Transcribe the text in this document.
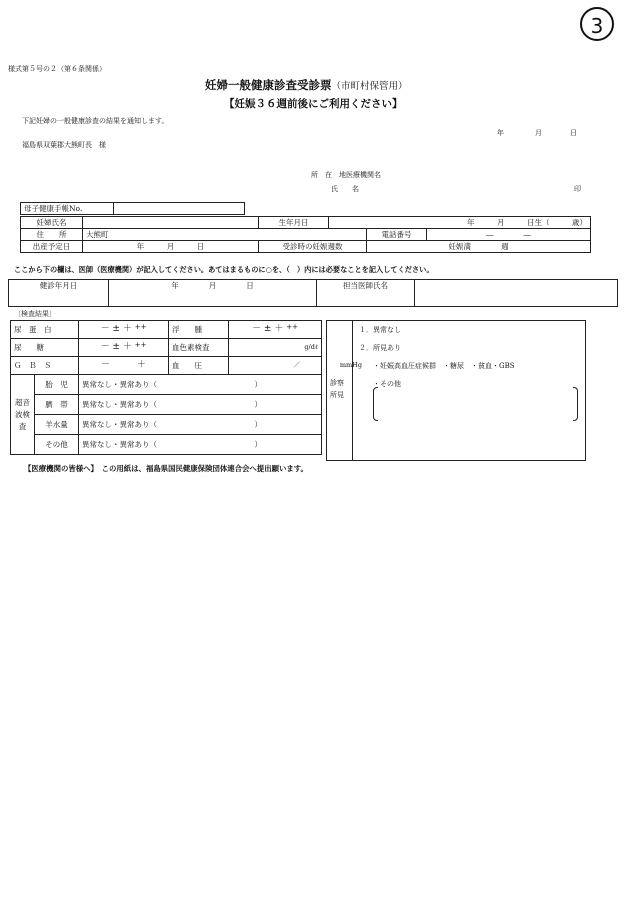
3
様式第５号の２（第６条関係）
妊婦一般健康診査受診票（市町村保管用）
【妊娠３６週前後にご利用ください】
下記妊婦の一般健康診査の結果を通知します。
年	月	日
福島県双葉郡大熊町長　様
所　在　地医療機関名
氏　　名	印
母子健康手帳No.	
妊婦氏名		生年月日	年　　　月　　　日生（　　　歳）		
住　　所	大熊町			電話番号	―　　　　―
出産予定日	年　　　月　　　日	受診時の妊娠週数		妊娠満　　　　週	
ここから下の欄は、医師（医療機関）が記入してください。あてはまるものに○を、（　）内には必要なことを記入してください。
健診年月日	年　　　　月　　　　日	担当医師氏名	
〔検査結果〕
尿　蛋　白		－ ± ＋ ++	浮　　腫	－ ± ＋ ++
尿　　糖		－ ± ＋ ++	血色素検査	g/dℓ
Ｇ　Ｂ　Ｓ		－　　　＋	血　　圧	／ mmHg
超音波検査	胎　児	異常なし・異常あり（　　　　　　　　　　　　　）		
	臍　帯	異常なし・異常あり（　　　　　　　　　　　　　）		
	羊水量	異常なし・異常あり（　　　　　　　　　　　　　）		
	その他	異常なし・異常あり（　　　　　　　　　　　　　）		
診察所見
１．異常なし
２．所見あり
・妊娠高血圧症候群　・糖尿　・貧血・GBS
・その他
【医療機関の皆様へ】　この用紙は、福島県国民健康保険団体連合会へ提出願います。
